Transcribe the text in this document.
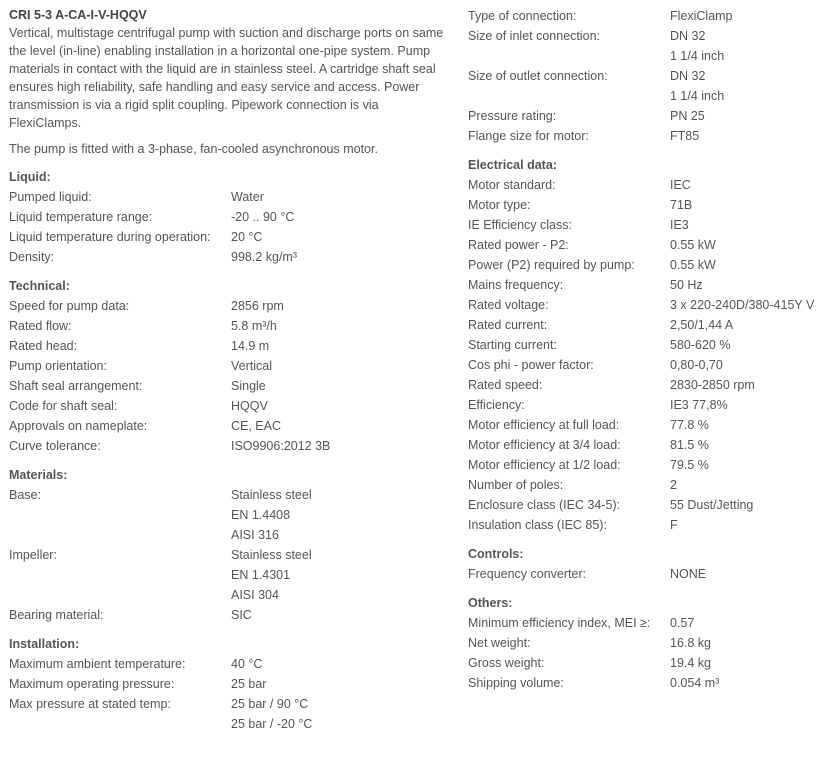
CRI 5-3 A-CA-I-V-HQQV
Vertical, multistage centrifugal pump with suction and discharge ports on same the level (in-line) enabling installation in a horizontal one-pipe system. Pump materials in contact with the liquid are in stainless steel. A cartridge shaft seal ensures high reliability, safe handling and easy service and access. Power transmission is via a rigid split coupling. Pipework connection is via FlexiClamps.
The pump is fitted with a 3-phase, fan-cooled asynchronous motor.
Liquid:
Pumped liquid:	Water
Liquid temperature range:	-20 .. 90 °C
Liquid temperature during operation:	20 °C
Density:	998.2 kg/m³
Technical:
Speed for pump data:	2856 rpm
Rated flow:	5.8 m³/h
Rated head:	14.9 m
Pump orientation:	Vertical
Shaft seal arrangement:	Single
Code for shaft seal:	HQQV
Approvals on nameplate:	CE, EAC
Curve tolerance:	ISO9906:2012 3B
Materials:
Base:	Stainless steel
EN 1.4408
AISI 316
Impeller:	Stainless steel
EN 1.4301
AISI 304
Bearing material:	SIC
Installation:
Maximum ambient temperature:	40 °C
Maximum operating pressure:	25 bar
Max pressure at stated temp:	25 bar / 90 °C
25 bar / -20 °C
Type of connection:	FlexiClamp
Size of inlet connection:	DN 32
1 1/4 inch
Size of outlet connection:	DN 32
1 1/4 inch
Pressure rating:	PN 25
Flange size for motor:	FT85
Electrical data:
Motor standard:	IEC
Motor type:	71B
IE Efficiency class:	IE3
Rated power - P2:	0.55 kW
Power (P2) required by pump:	0.55 kW
Mains frequency:	50 Hz
Rated voltage:	3 x 220-240D/380-415Y V
Rated current:	2,50/1,44 A
Starting current:	580-620 %
Cos phi - power factor:	0,80-0,70
Rated speed:	2830-2850 rpm
Efficiency:	IE3 77,8%
Motor efficiency at full load:	77.8 %
Motor efficiency at 3/4 load:	81.5 %
Motor efficiency at 1/2 load:	79.5 %
Number of poles:	2
Enclosure class (IEC 34-5):	55 Dust/Jetting
Insulation class (IEC 85):	F
Controls:
Frequency converter:	NONE
Others:
Minimum efficiency index, MEI ≥:	0.57
Net weight:	16.8 kg
Gross weight:	19.4 kg
Shipping volume:	0.054 m³
